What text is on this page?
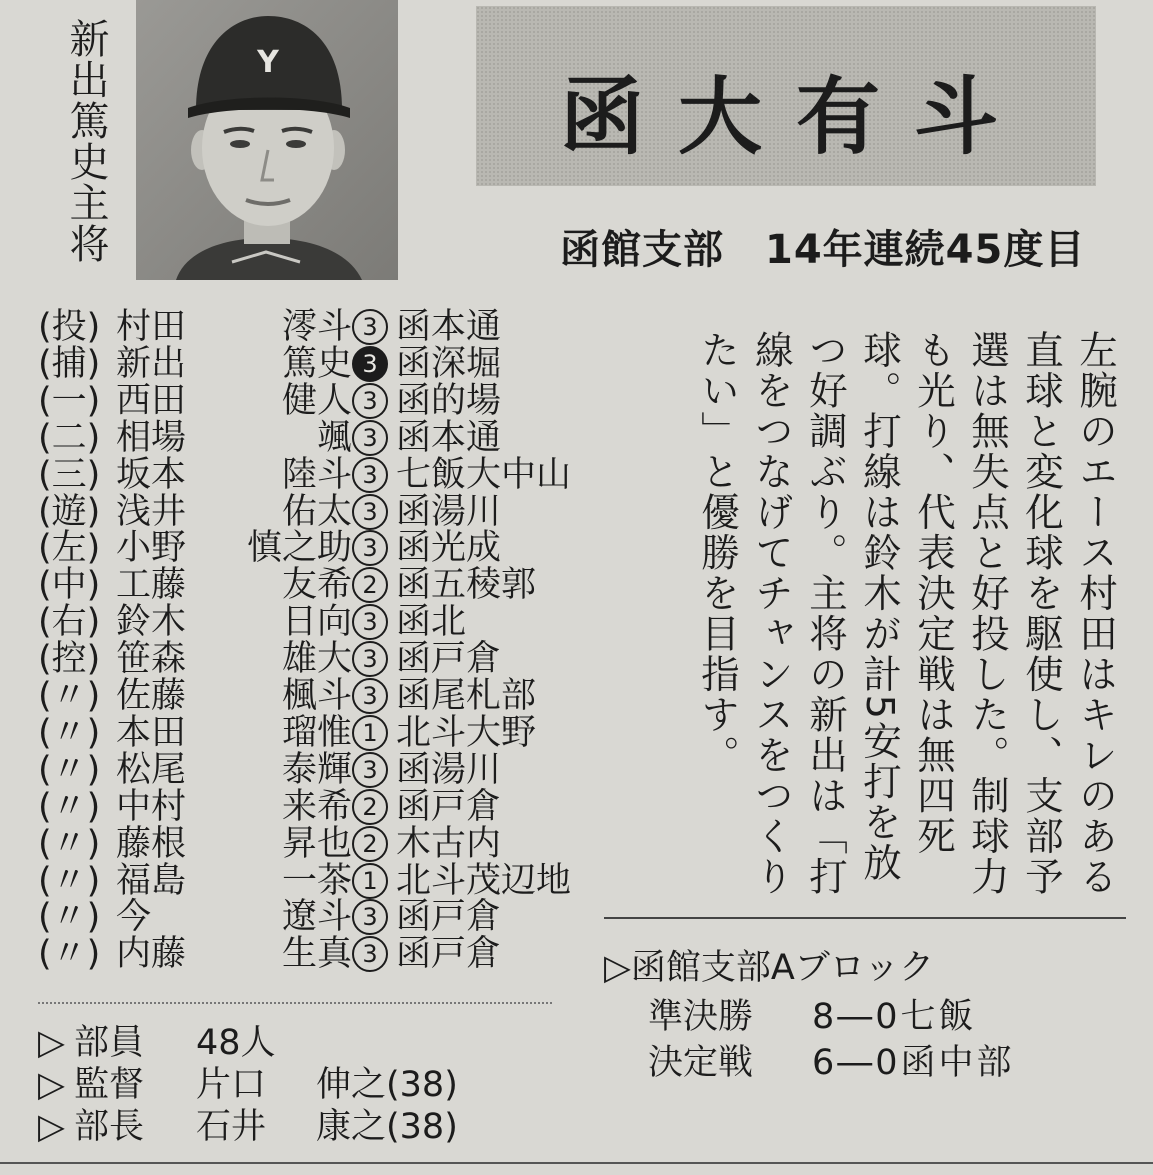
新出篤史主将	Y
函大有斗
函館支部　14年連続45度目
(投) 村田	澪斗 3 函本通
(捕) 新出	篤史 3 函深堀
(一) 西田	健人 3 函的場
(二) 相場	颯 3 函本通
(三) 坂本	陸斗 3 七飯大中山
(遊) 浅井	佑太 3 函湯川
(左) 小野	慎之助 3 函光成
(中) 工藤	友希 2 函五稜郭
(右) 鈴木	日向 3 函北
(控) 笹森	雄大 3 函戸倉
(〃) 佐藤	楓斗 3 函尾札部
(〃) 本田	瑠惟 1 北斗大野
(〃) 松尾	泰輝 3 函湯川
(〃) 中村	来希 2 函戸倉
(〃) 藤根	昇也 2 木古内
(〃) 福島	一茶 1 北斗茂辺地
(〃) 今	遼斗 3 函戸倉
(〃) 内藤	生真 3 函戸倉
▷ 部員 48人
▷ 監督 片口 伸之(38)
▷ 部長 石井 康之(38)
左腕のエース村田はキレのある直球と変化球を駆使し、支部予選は無失点と好投した。制球力も光り、代表決定戦は無四死球。打線は鈴木が計5安打を放つ好調ぶり。主将の新出は「打線をつなげてチャンスをつくりたい」と優勝を目指す。
▷函館支部Aブロック
準決勝 8―0七飯
決定戦 6―0函中部
